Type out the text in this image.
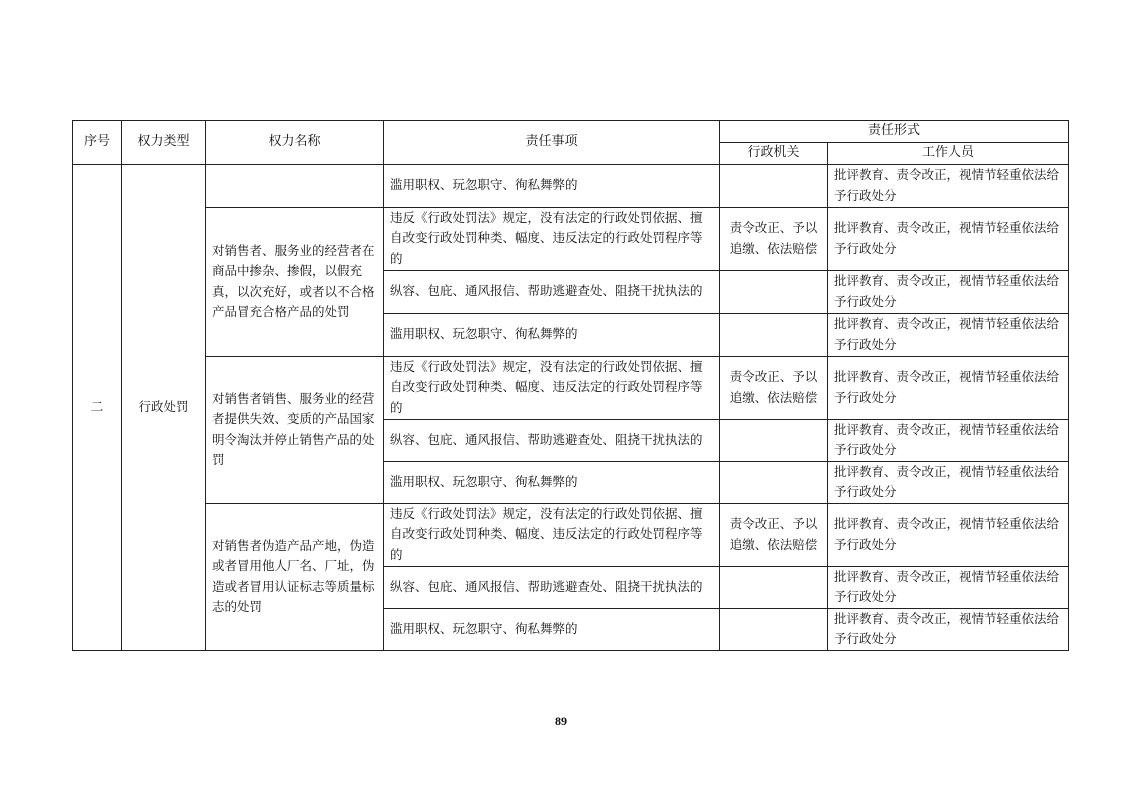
序号	权力类型	权力名称	责任事项	责任形式	
				行政机关	工作人员
二	行政处罚		滥用职权、玩忽职守、徇私舞弊的		批评教育、责令改正，视情节轻重依法给予行政处分
		对销售者、服务业的经营者在商品中掺杂、掺假，以假充真，以次充好，或者以不合格产品冒充合格产品的处罚	违反《行政处罚法》规定，没有法定的行政处罚依据、擅自改变行政处罚种类、幅度、违反法定的行政处罚程序等的	责令改正、予以追缴、依法赔偿	批评教育、责令改正，视情节轻重依法给予行政处分
			纵容、包庇、通风报信、帮助逃避查处、阻挠干扰执法的		批评教育、责令改正，视情节轻重依法给予行政处分
			滥用职权、玩忽职守、徇私舞弊的		批评教育、责令改正，视情节轻重依法给予行政处分
		对销售者销售、服务业的经营者提供失效、变质的产品国家明令淘汰并停止销售产品的处罚	违反《行政处罚法》规定，没有法定的行政处罚依据、擅自改变行政处罚种类、幅度、违反法定的行政处罚程序等的	责令改正、予以追缴、依法赔偿	批评教育、责令改正，视情节轻重依法给予行政处分
			纵容、包庇、通风报信、帮助逃避查处、阻挠干扰执法的		批评教育、责令改正，视情节轻重依法给予行政处分
			滥用职权、玩忽职守、徇私舞弊的		批评教育、责令改正，视情节轻重依法给予行政处分
		对销售者伪造产品产地，伪造或者冒用他人厂名、厂址，伪造或者冒用认证标志等质量标志的处罚	违反《行政处罚法》规定，没有法定的行政处罚依据、擅自改变行政处罚种类、幅度、违反法定的行政处罚程序等的	责令改正、予以追缴、依法赔偿	批评教育、责令改正，视情节轻重依法给予行政处分
			纵容、包庇、通风报信、帮助逃避查处、阻挠干扰执法的		批评教育、责令改正，视情节轻重依法给予行政处分
			滥用职权、玩忽职守、徇私舞弊的		批评教育、责令改正，视情节轻重依法给予行政处分
89
